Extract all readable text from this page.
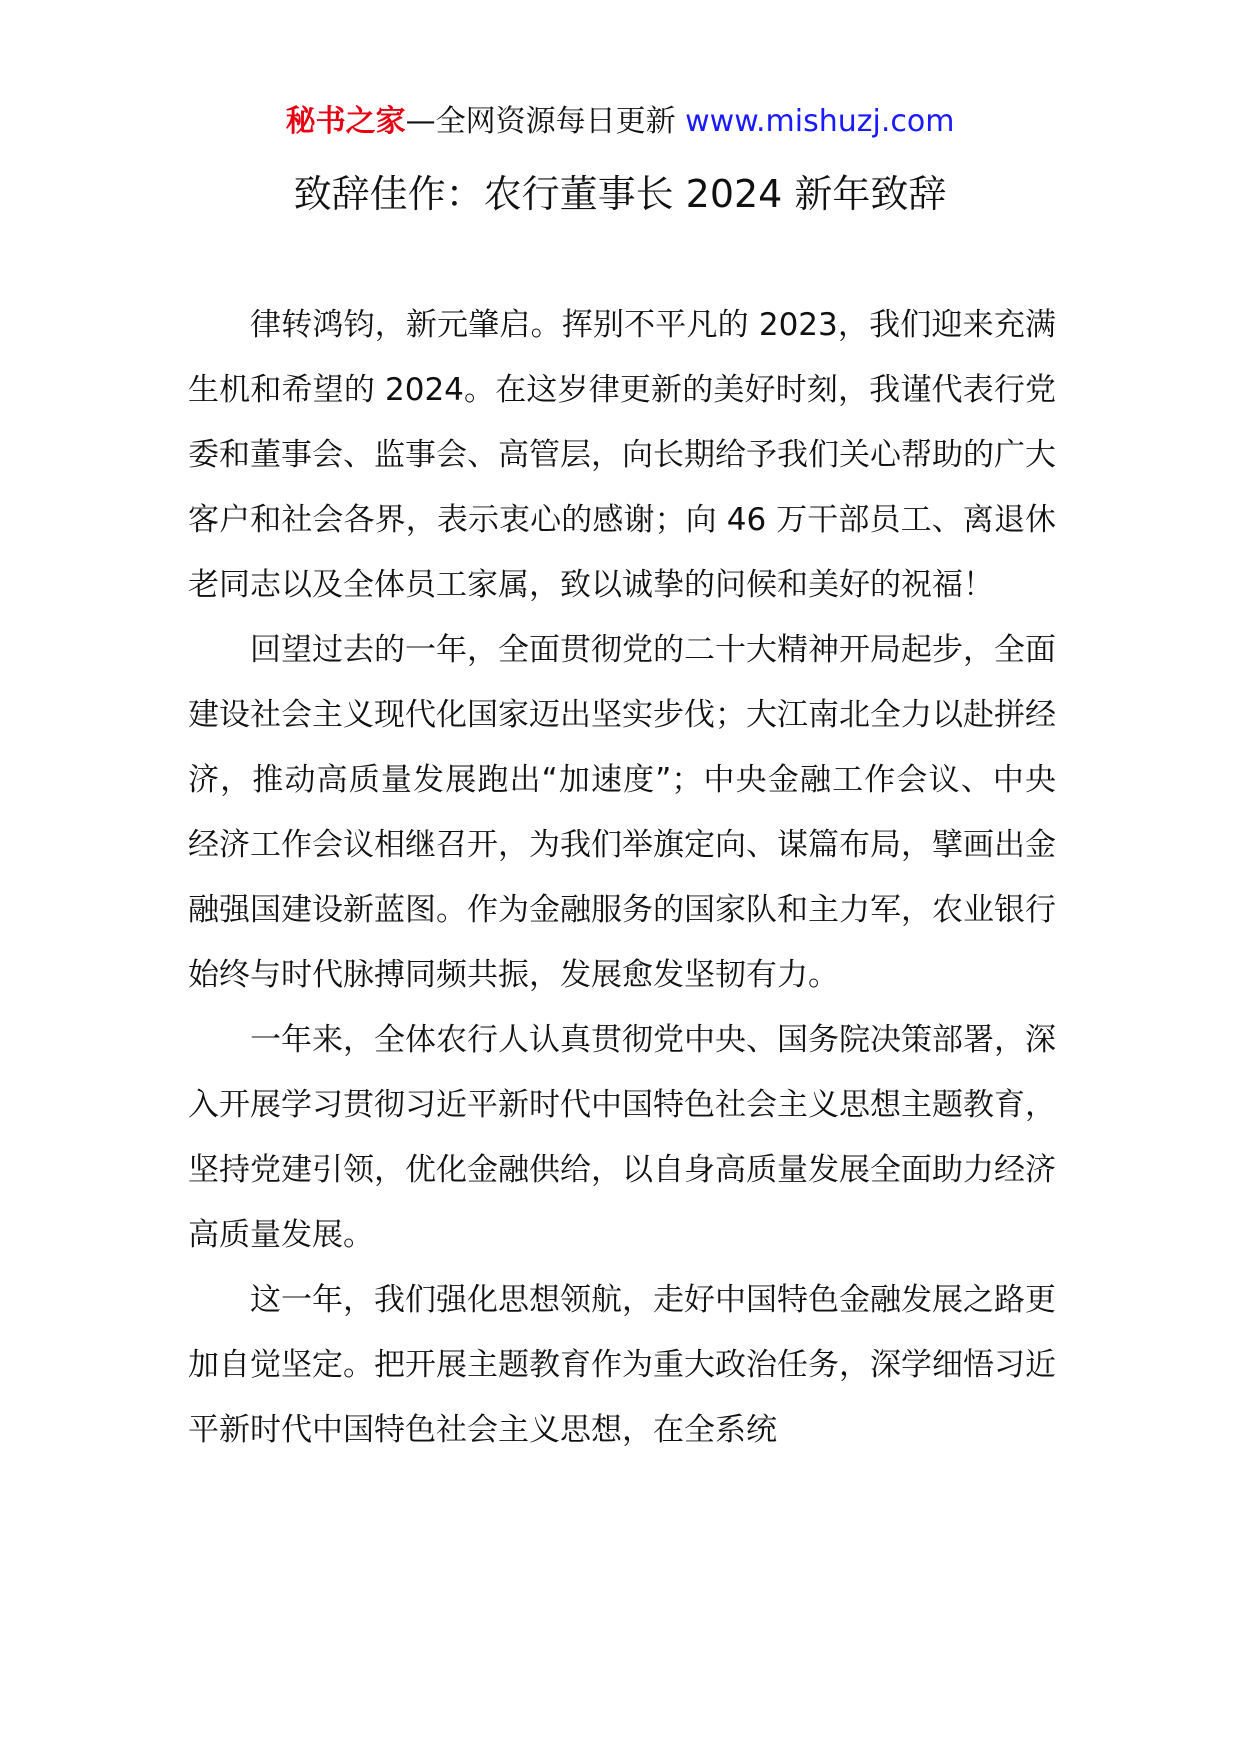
秘书之家—全网资源每日更新 www.mishuzj.com
致辞佳作：农行董事长 2024 新年致辞

律转鸿钧，新元肇启。挥别不平凡的 2023，我们迎来充满生机和希望的 2024。在这岁律更新的美好时刻，我谨代表行党委和董事会、监事会、高管层，向长期给予我们关心帮助的广大客户和社会各界，表示衷心的感谢；向 46 万干部员工、离退休老同志以及全体员工家属，致以诚挚的问候和美好的祝福！

回望过去的一年，全面贯彻党的二十大精神开局起步，全面建设社会主义现代化国家迈出坚实步伐；大江南北全力以赴拼经济，推动高质量发展跑出“加速度”；中央金融工作会议、中央经济工作会议相继召开，为我们举旗定向、谋篇布局，擘画出金融强国建设新蓝图。作为金融服务的国家队和主力军，农业银行始终与时代脉搏同频共振，发展愈发坚韧有力。

一年来，全体农行人认真贯彻党中央、国务院决策部署，深入开展学习贯彻习近平新时代中国特色社会主义思想主题教育，坚持党建引领，优化金融供给，以自身高质量发展全面助力经济高质量发展。

这一年，我们强化思想领航，走好中国特色金融发展之路更加自觉坚定。把开展主题教育作为重大政治任务，深学细悟习近平新时代中国特色社会主义思想，在全系统
